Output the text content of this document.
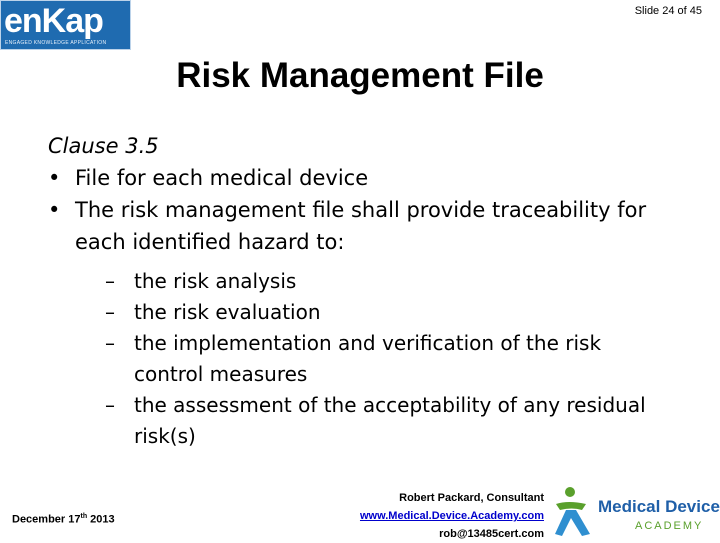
enKap
ENGAGED KNOWLEDGE APPLICATION
Slide 24 of 45
Risk Management File
Clause 3.5
• File for each medical device
• The risk management file shall provide traceability for each identified hazard to:
– the risk analysis
– the risk evaluation
– the implementation and verification of the risk control measures
– the assessment of the acceptability of any residual risk(s)
December 17th 2013
Robert Packard, Consultant
www.Medical.Device.Academy.com
rob@13485cert.com
Medical Device
ACADEMY
